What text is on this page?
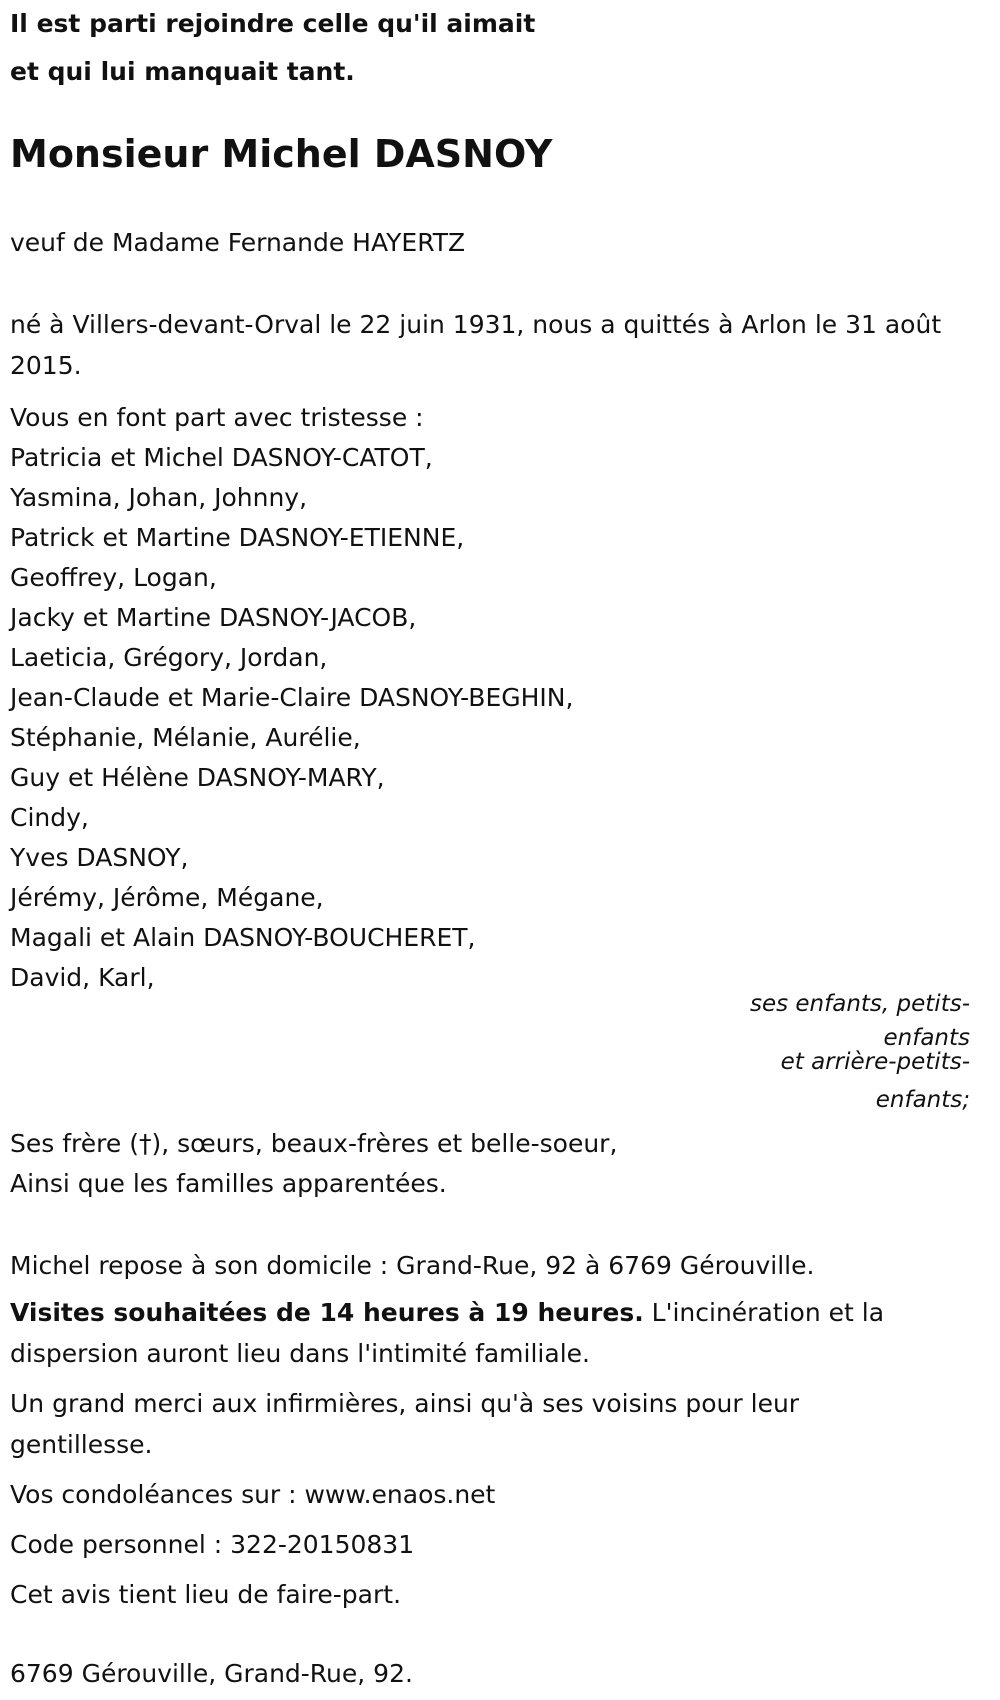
Il est parti rejoindre celle qu'il aimait
et qui lui manquait tant.
Monsieur Michel DASNOY
veuf de Madame Fernande HAYERTZ
né à Villers-devant-Orval le 22 juin 1931, nous a quittés à Arlon le 31 août
2015.
Vous en font part avec tristesse :
Patricia et Michel DASNOY-CATOT,
Yasmina, Johan, Johnny,
Patrick et Martine DASNOY-ETIENNE,
Geoffrey, Logan,
Jacky et Martine DASNOY-JACOB,
Laeticia, Grégory, Jordan,
Jean-Claude et Marie-Claire DASNOY-BEGHIN,
Stéphanie, Mélanie, Aurélie,
Guy et Hélène DASNOY-MARY,
Cindy,
Yves DASNOY,
Jérémy, Jérôme, Mégane,
Magali et Alain DASNOY-BOUCHERET,
David, Karl,
ses enfants, petits-
enfants
et arrière-petits-
enfants;
Ses frère (†), sœurs, beaux-frères et belle-soeur,
Ainsi que les familles apparentées.
Michel repose à son domicile : Grand-Rue, 92 à 6769 Gérouville.
Visites souhaitées de 14 heures à 19 heures. L'incinération et la
dispersion auront lieu dans l'intimité familiale.
Un grand merci aux infirmières, ainsi qu'à ses voisins pour leur
gentillesse.
Vos condoléances sur : www.enaos.net
Code personnel : 322-20150831
Cet avis tient lieu de faire-part.
6769 Gérouville, Grand-Rue, 92.
